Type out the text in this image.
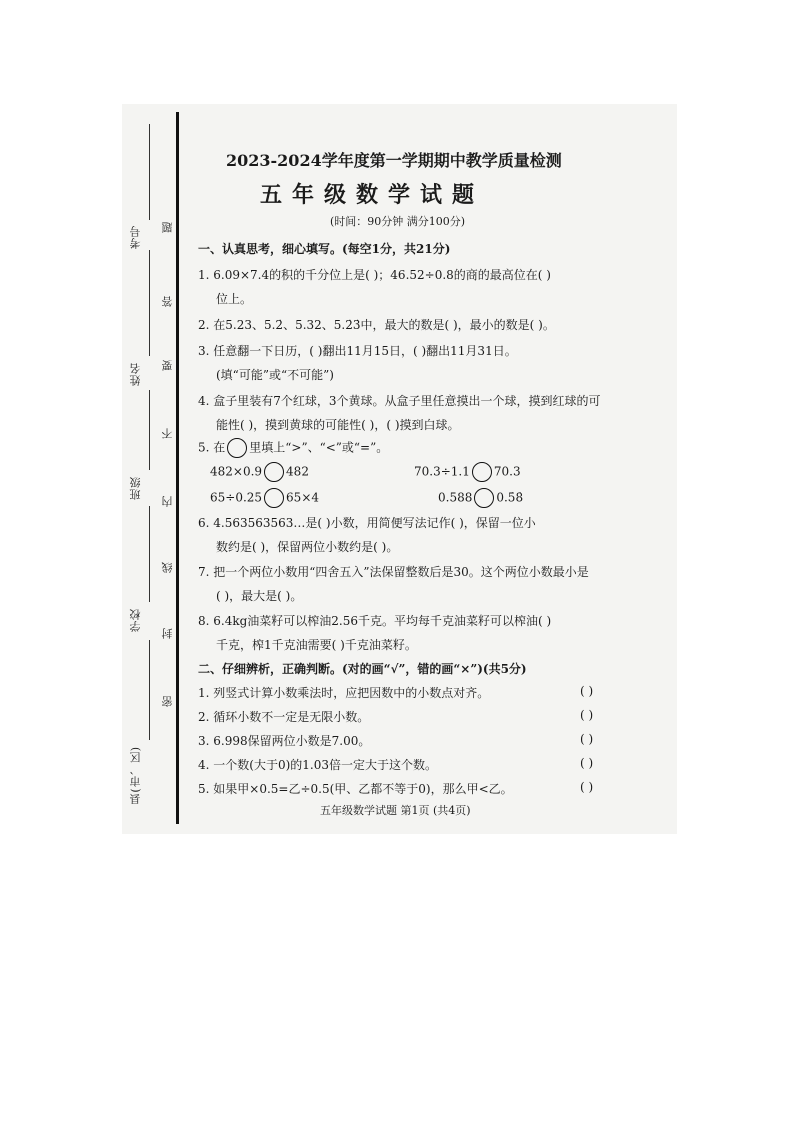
考号
姓名
班级
学校
县(市、区)
题
答
要
不
内
线
封
密
2023-2024学年度第一学期期中教学质量检测
五年级数学试题
(时间：90分钟 满分100分)
一、认真思考，细心填写。(每空1分，共21分)
1. 6.09×7.4的积的千分位上是( )；46.52÷0.8的商的最高位在( )
位上。
2. 在5.23、5.2̇、5.32、5.2̇3̇中，最大的数是( )，最小的数是( )。
3. 任意翻一下日历，( )翻出11月15日，( )翻出11月31日。
(填“可能”或“不可能”)
4. 盒子里装有7个红球，3个黄球。从盒子里任意摸出一个球，摸到红球的可
能性( )，摸到黄球的可能性( )，( )摸到白球。
5. 在 里填上“>”、“<”或“=”。
482×0.9 482	70.3÷1.1 70.3
65÷0.25 65×4	0.588 0.5̇8̇
6. 4.563563563…是( )小数，用简便写法记作( )，保留一位小
数约是( )，保留两位小数约是( )。
7. 把一个两位小数用“四舍五入”法保留整数后是30。这个两位小数最小是
( )，最大是( )。
8. 6.4kg油菜籽可以榨油2.56千克。平均每千克油菜籽可以榨油( )
千克，榨1千克油需要( )千克油菜籽。
二、仔细辨析，正确判断。(对的画“√”，错的画“×”)(共5分)
1. 列竖式计算小数乘法时，应把因数中的小数点对齐。	( )
2. 循环小数不一定是无限小数。	( )
3. 6.998保留两位小数是7.00。	( )
4. 一个数(大于0)的1.03倍一定大于这个数。	( )
5. 如果甲×0.5=乙÷0.5(甲、乙都不等于0)，那么甲<乙。	( )
五年级数学试题 第1页 (共4页)
